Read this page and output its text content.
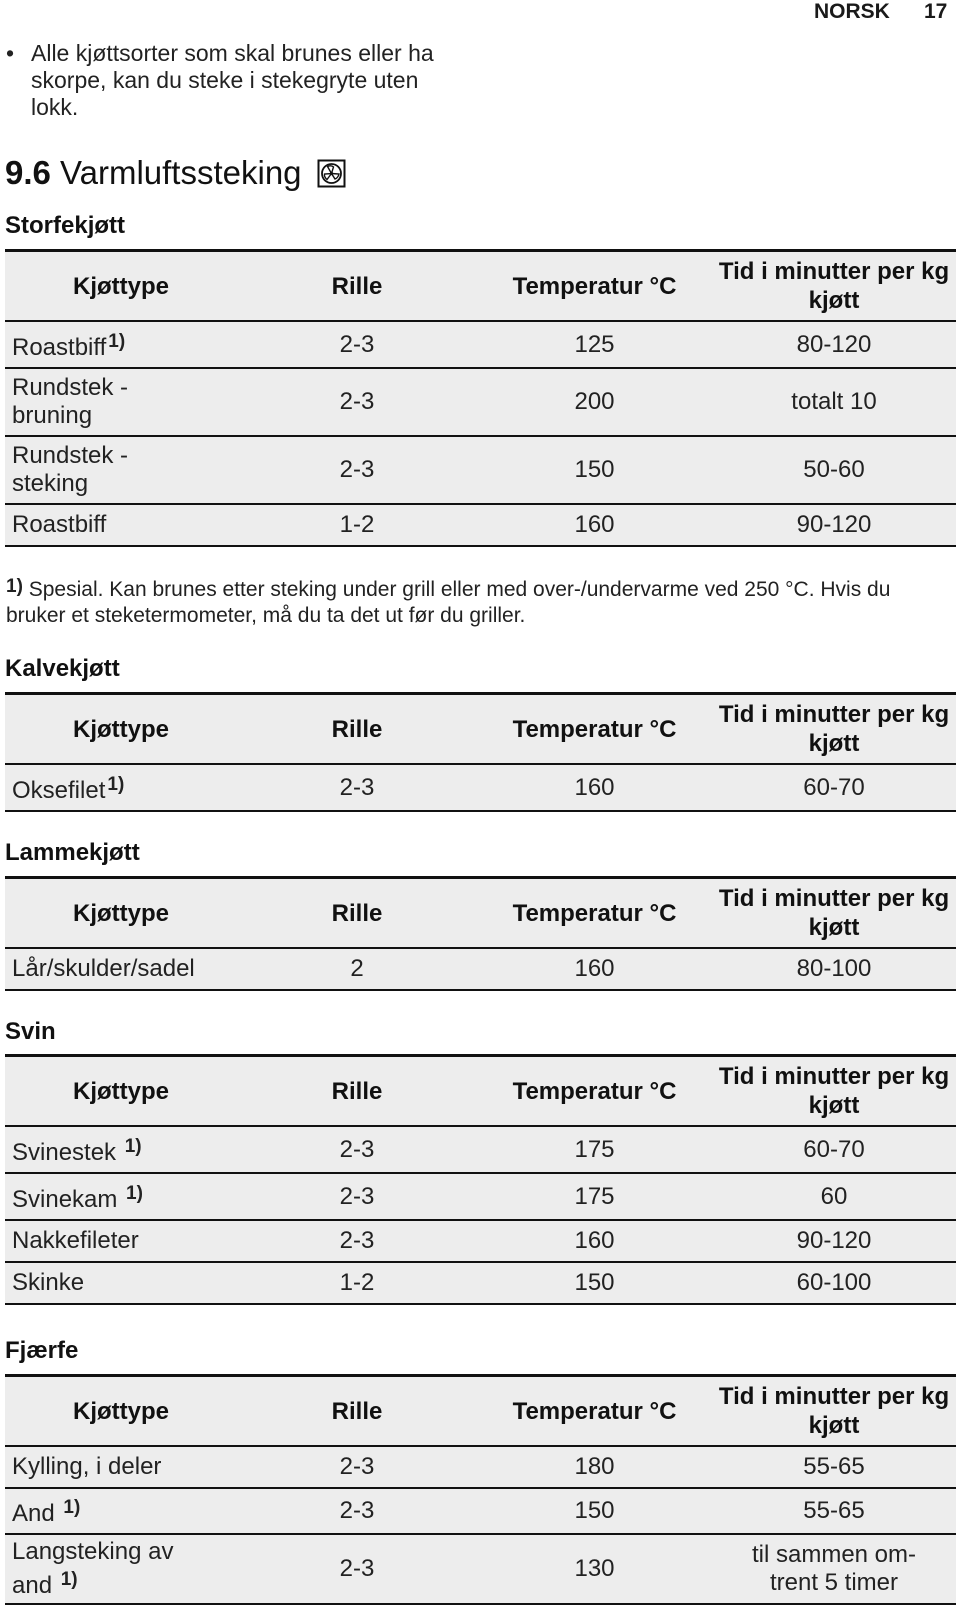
NORSK 17
• Alle kjøttsorter som skal brunes eller ha skorpe, kan du steke i stekegryte uten lokk.
9.6 Varmluftssteking
Storfekjøtt
Kjøttype	Rille	Temperatur °C	Tid i minutter per kg kjøtt
Roastbiff $^{1)}$	2-3	125	80-120

Rundstek - bruning	2-3	200	totalt 10

Rundstek - steking	2-3	150	50-60
Roastbiff	1-2	160	90-120
1) Spesial. Kan brunes etter steking under grill eller med over-/undervarme ved 250 °C. Hvis du bruker et steketermometer, må du ta det ut før du griller.
Kalvekjøtt
Kjøttype	Rille	Temperatur °C	Tid i minutter per kg kjøtt
Oksefilet $^{1)}$	2-3	160	60-70
Lammekjøtt
Kjøttype	Rille	Temperatur °C	Tid i minutter per kg kjøtt
Lår/skulder/sadel	2	160	80-100
Svin
Kjøttype	Rille	Temperatur °C	Tid i minutter per kg kjøtt
Svinestek $^{1)}$	2-3	175	60-70
Svinekam $^{1)}$	2-3	175	60
Nakkefileter	2-3	160	90-120
Skinke	1-2	150	60-100
Fjærfe
Kjøttype	Rille	Temperatur °C	Tid i minutter per kg kjøtt
Kylling, i deler	2-3	180	55-65
And $^{1)}$	2-3	150	55-65

Langsteking av and $^{1)}$	2-3	130	til sammen om-trent 5 timer
